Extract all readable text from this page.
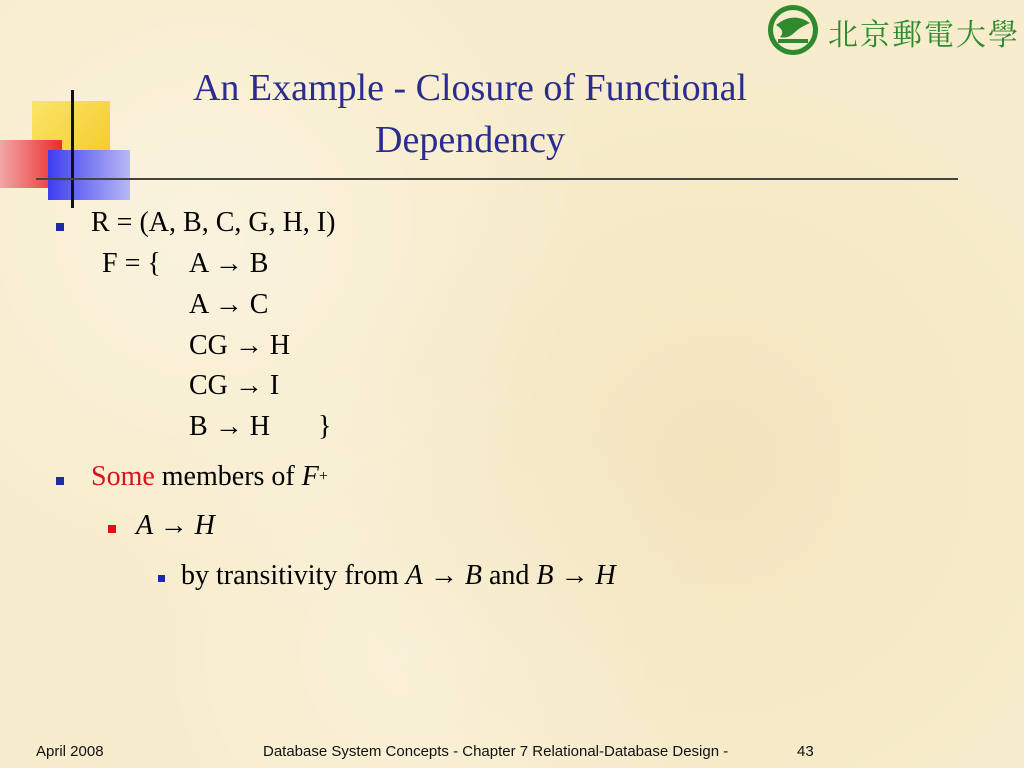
北京郵電大學
An Example - Closure of Functional
Dependency
R = (A, B, C, G, H, I)
F = { A → B
A → C
CG → H
CG → I
B → H }
Some members of F+
A → H
by transitivity from A → B and B → H
April 2008	Database System Concepts - Chapter 7 Relational-Database Design -	43
